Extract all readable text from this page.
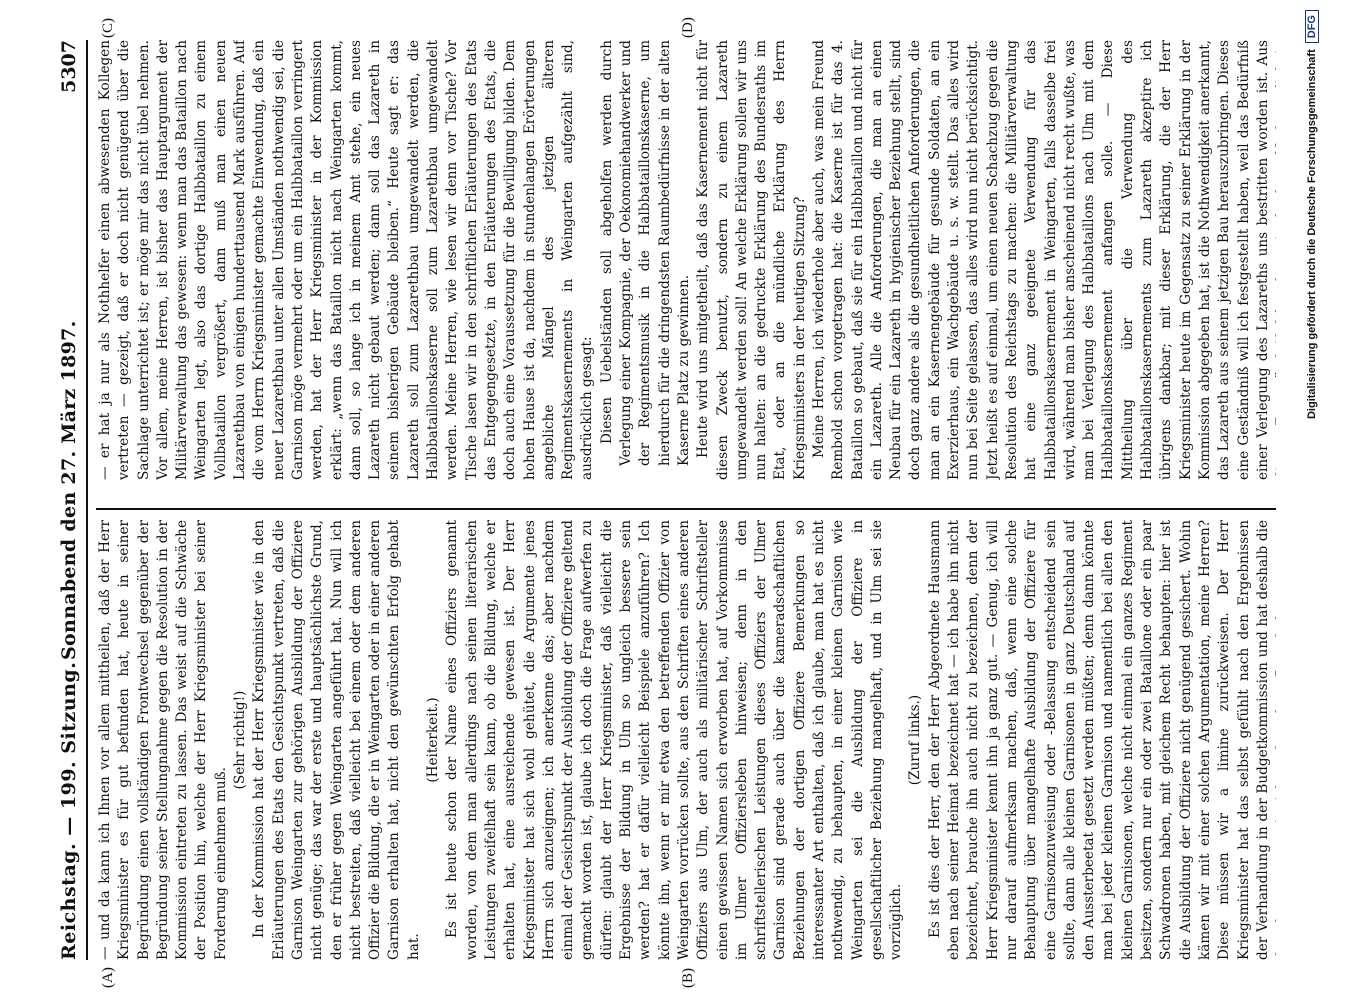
Reichstag. — 199. Sitzung.
Sonnabend den 27. März 1897.
5307
(A)	(B)
(C)	(D)

— und da kann ich Ihnen vor allem mittheilen, daß der Herr Kriegsminister es für gut befunden hat, heute in seiner Begründung einen vollständigen Frontwechsel gegenüber der Begründung seiner Stellungnahme gegen die Resolution in der Kommission eintreten zu lassen. Das weist auf die Schwäche der Position hin, welche der Herr Kriegsminister bei seiner Forderung einnehmen muß.

(Sehr richtig!) In der Kommission hat der Herr Kriegsminister wie in den Erläuterungen des Etats den Gesichtspunkt vertreten, daß die Garnison Weingarten zur gehörigen Ausbildung der Offiziere nicht genüge; das war der erste und hauptsächlichste Grund, den er früher gegen Weingarten angeführt hat. Nun will ich nicht bestreiten, daß vielleicht bei einem oder dem anderen Offizier die Bildung, die er in Weingarten oder in einer anderen Garnison erhalten hat, nicht den gewünschten Erfolg gehabt hat.

(Heiterkeit.) Es ist heute schon der Name eines Offiziers genannt worden, von dem man allerdings nach seinen literarischen Leistungen zweifelhaft sein kann, ob die Bildung, welche er erhalten hat, eine ausreichende gewesen ist. Der Herr Kriegsminister hat sich wohl gehütet, die Argumente jenes Herrn sich anzueignen; ich anerkenne das; aber nachdem einmal der Gesichtspunkt der Ausbildung der Offiziere geltend gemacht worden ist, glaube ich doch die Frage aufwerfen zu dürfen: glaubt der Herr Kriegsminister, daß vielleicht die Ergebnisse der Bildung in Ulm so ungleich bessere sein werden? hat er dafür vielleicht Beispiele anzuführen? Ich könnte ihn, wenn er mir etwa den betreffenden Offizier von Weingarten vorrücken sollte, aus den Schriften eines anderen Offiziers aus Ulm, der auch als militärischer Schriftsteller einen gewissen Namen sich erworben hat, auf Vorkommnisse im Ulmer Offiziersleben hinweisen; denn in den schriftstellerischen Leistungen dieses Offiziers der Ulmer Garnison sind gerade auch über die kameradschaftlichen Beziehungen der dortigen Offiziere Bemerkungen so interessanter Art enthalten, daß ich glaube, man hat es nicht nothwendig, zu behaupten, in einer kleinen Garnison wie Weingarten sei die Ausbildung der Offiziere in gesellschaftlicher Beziehung mangelhaft, und in Ulm sei sie vorzüglich.

(Zuruf links.)

Es ist dies der Herr, den der Herr Abgeordnete Hausmann eben nach seiner Heimat bezeichnet hat — ich habe ihn nicht bezeichnet, brauche ihn auch nicht zu bezeichnen, denn der Herr Kriegsminister kennt ihn ja ganz gut. — Genug, ich will nur darauf aufmerksam machen, daß, wenn eine solche Behauptung über mangelhafte Ausbildung der Offiziere für eine Garnisonzuweisung oder -Belassung entscheidend sein sollte, dann alle kleinen Garnisonen in ganz Deutschland auf den Aussterbeetat gesetzt werden müßten; denn dann könnte man bei jeder kleinen Garnison und namentlich bei allen den kleinen Garnisonen, welche nicht einmal ein ganzes Regiment besitzen, sondern nur ein oder zwei Bataillone oder ein paar Schwadronen haben, mit gleichem Recht behaupten: hier ist die Ausbildung der Offiziere nicht genügend gesichert. Wohin kämen wir mit einer solchen Argumentation, meine Herren? Diese müssen wir a limine zurückweisen. Der Herr Kriegsminister hat das selbst gefühlt nach den Ergebnissen der Verhandlung in der Budgetkommission und hat deshalb die

— er hat ja nur als Nothhelfer einen abwesenden Kollegen vertreten — gezeigt, daß er doch nicht genügend über die Sachlage unterrichtet ist; er möge mir das nicht übel nehmen. Vor allem, meine Herren, ist bisher das Hauptargument der Militärverwaltung das gewesen: wenn man das Bataillon nach Weingarten legt, also das dortige Halbbataillon zu einem Vollbataillon vergrößert, dann muß man einen neuen Lazarethbau von einigen hunderttausend Mark ausführen. Auf die vom Herrn Kriegsminister gemachte Einwendung, daß ein neuer Lazarethbau unter allen Umständen nothwendig sei, die Garnison möge vermehrt oder um ein Halbbataillon verringert werden, hat der Herr Kriegsminister in der Kommission erklärt: „wenn das Bataillon nicht nach Weingarten kommt, dann soll, so lange ich in meinem Amt stehe, ein neues Lazareth nicht gebaut werden; dann soll das Lazareth in seinem bisherigen Gebäude bleiben.“ Heute sagt er: das Lazareth soll zum Lazarethbau umgewandelt werden, die Halbbataillonskaserne soll zum Lazarethbau umgewandelt werden. Meine Herren, wie lesen wir denn vor Tische? Vor Tische lasen wir in den schriftlichen Erläuterungen des Etats das Entgegengesetzte, in den Erläuterungen des Etats, die doch auch eine Voraussetzung für die Bewilligung bilden. Dem hohen Hause ist da, nachdem in stundenlangen Erörterungen angebliche Mängel des jetzigen älteren Regimentskasernements in Weingarten aufgezählt sind, ausdrücklich gesagt: Diesen Uebelständen soll abgeholfen werden durch Verlegung einer Kompagnie, der Oekonomiehandwerker und der Regimentsmusik in die Halbbataillonskaserne, um hierdurch für die dringendsten Raumbedürfnisse in der alten Kaserne Platz zu gewinnen. Heute wird uns mitgetheilt, daß das Kasernement nicht für diesen Zweck benutzt, sondern zu einem Lazareth umgewandelt werden soll! An welche Erklärung sollen wir uns nun halten: an die gedruckte Erklärung des Bundesraths im Etat, oder an die mündliche Erklärung des Herrn Kriegsministers in der heutigen Sitzung? Meine Herren, ich wiederhole aber auch, was mein Freund Rembold schon vorgetragen hat: die Kaserne ist für das 4. Bataillon so gebaut, daß sie für ein Halbbataillon und nicht für ein Lazareth. Alle die Anforderungen, die man an einen Neubau für ein Lazareth in hygienischer Beziehung stellt, sind doch ganz andere als die gesundheitlichen Anforderungen, die man an ein Kasernengebäude für gesunde Soldaten, an ein Exerzierhaus, ein Wachgebäude u. s. w. stellt. Das alles wird nun bei Seite gelassen, das alles wird nun nicht berücksichtigt. Jetzt heißt es auf einmal, um einen neuen Schachzug gegen die Resolution des Reichstags zu machen: die Militärverwaltung hat eine ganz geeignete Verwendung für das Halbbataillonskasernement in Weingarten, falls dasselbe frei wird, während man bisher anscheinend nicht recht wußte, was man bei Verlegung des Halbbataillons nach Ulm mit dem Halbbataillonskasernement anfangen solle. — Diese Mittheilung über die Verwendung des Halbbataillonskasernements zum Lazareth akzeptire ich übrigens dankbar; mit dieser Erklärung, die der Herr Kriegsminister heute im Gegensatz zu seiner Erklärung in der Kommission abgegeben hat, ist die Nothwendigkeit anerkannt, das Lazareth aus seinem jetzigen Bau herauszubringen. Dieses eine Geständniß will ich festgestellt haben, weil das Bedürfniß einer Verlegung des Lazareths uns bestritten worden ist. Aus	Digitalisierung gefördert durch die Deutsche ForschungsgemeinschaftDFG
